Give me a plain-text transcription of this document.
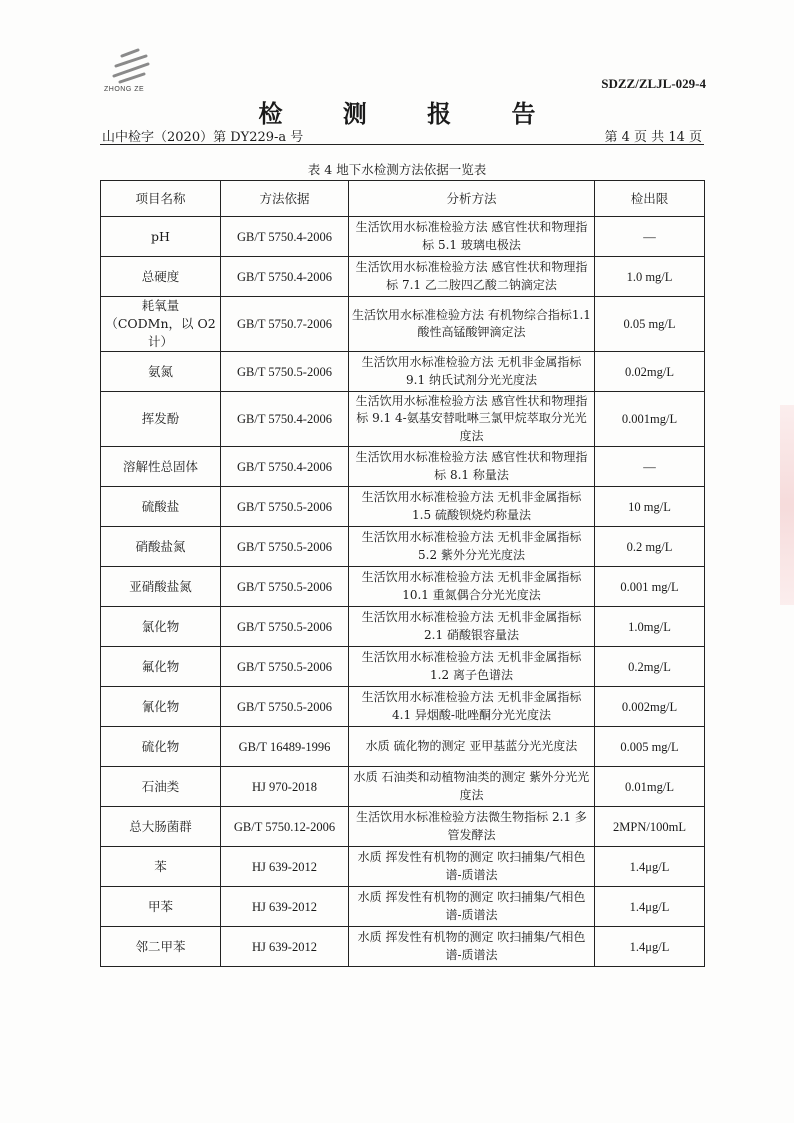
ZHONG ZE	SDZZ/ZLJL-029-4
检 测 报 告
山中检字（2020）第 DY229-a 号	第 4 页 共 14 页
表 4 地下水检测方法依据一览表
项目名称	方法依据	分析方法	检出限
pH	GB/T 5750.4-2006	生活饮用水标准检验方法 感官性状和物理指标 5.1 玻璃电极法	—
总硬度	GB/T 5750.4-2006	生活饮用水标准检验方法 感官性状和物理指标 7.1 乙二胺四乙酸二钠滴定法	1.0 mg/L
耗氧量（CODMn，以 O2 计）	GB/T 5750.7-2006	生活饮用水标准检验方法 有机物综合指标1.1 酸性高锰酸钾滴定法	0.05 mg/L
氨氮	GB/T 5750.5-2006	生活饮用水标准检验方法 无机非金属指标 9.1 纳氏试剂分光光度法	0.02mg/L
挥发酚	GB/T 5750.4-2006	生活饮用水标准检验方法 感官性状和物理指标 9.1 4-氨基安替吡啉三氯甲烷萃取分光光度法	0.001mg/L
溶解性总固体	GB/T 5750.4-2006	生活饮用水标准检验方法 感官性状和物理指标 8.1 称量法	—
硫酸盐	GB/T 5750.5-2006	生活饮用水标准检验方法 无机非金属指标 1.5 硫酸钡烧灼称量法	10 mg/L
硝酸盐氮	GB/T 5750.5-2006	生活饮用水标准检验方法 无机非金属指标 5.2 紫外分光光度法	0.2 mg/L
亚硝酸盐氮	GB/T 5750.5-2006	生活饮用水标准检验方法 无机非金属指标 10.1 重氮偶合分光光度法	0.001 mg/L
氯化物	GB/T 5750.5-2006	生活饮用水标准检验方法 无机非金属指标 2.1 硝酸银容量法	1.0mg/L
氟化物	GB/T 5750.5-2006	生活饮用水标准检验方法 无机非金属指标 1.2 离子色谱法	0.2mg/L
氰化物	GB/T 5750.5-2006	生活饮用水标准检验方法 无机非金属指标 4.1 异烟酸-吡唑酮分光光度法	0.002mg/L
硫化物	GB/T 16489-1996	水质 硫化物的测定 亚甲基蓝分光光度法	0.005 mg/L
石油类	HJ 970-2018	水质 石油类和动植物油类的测定 紫外分光光度法	0.01mg/L
总大肠菌群	GB/T 5750.12-2006	生活饮用水标准检验方法微生物指标 2.1 多管发酵法	2MPN/100mL
苯	HJ 639-2012	水质 挥发性有机物的测定 吹扫捕集/气相色谱-质谱法	1.4μg/L
甲苯	HJ 639-2012	水质 挥发性有机物的测定 吹扫捕集/气相色谱-质谱法	1.4μg/L
邻二甲苯	HJ 639-2012	水质 挥发性有机物的测定 吹扫捕集/气相色谱-质谱法	1.4μg/L
